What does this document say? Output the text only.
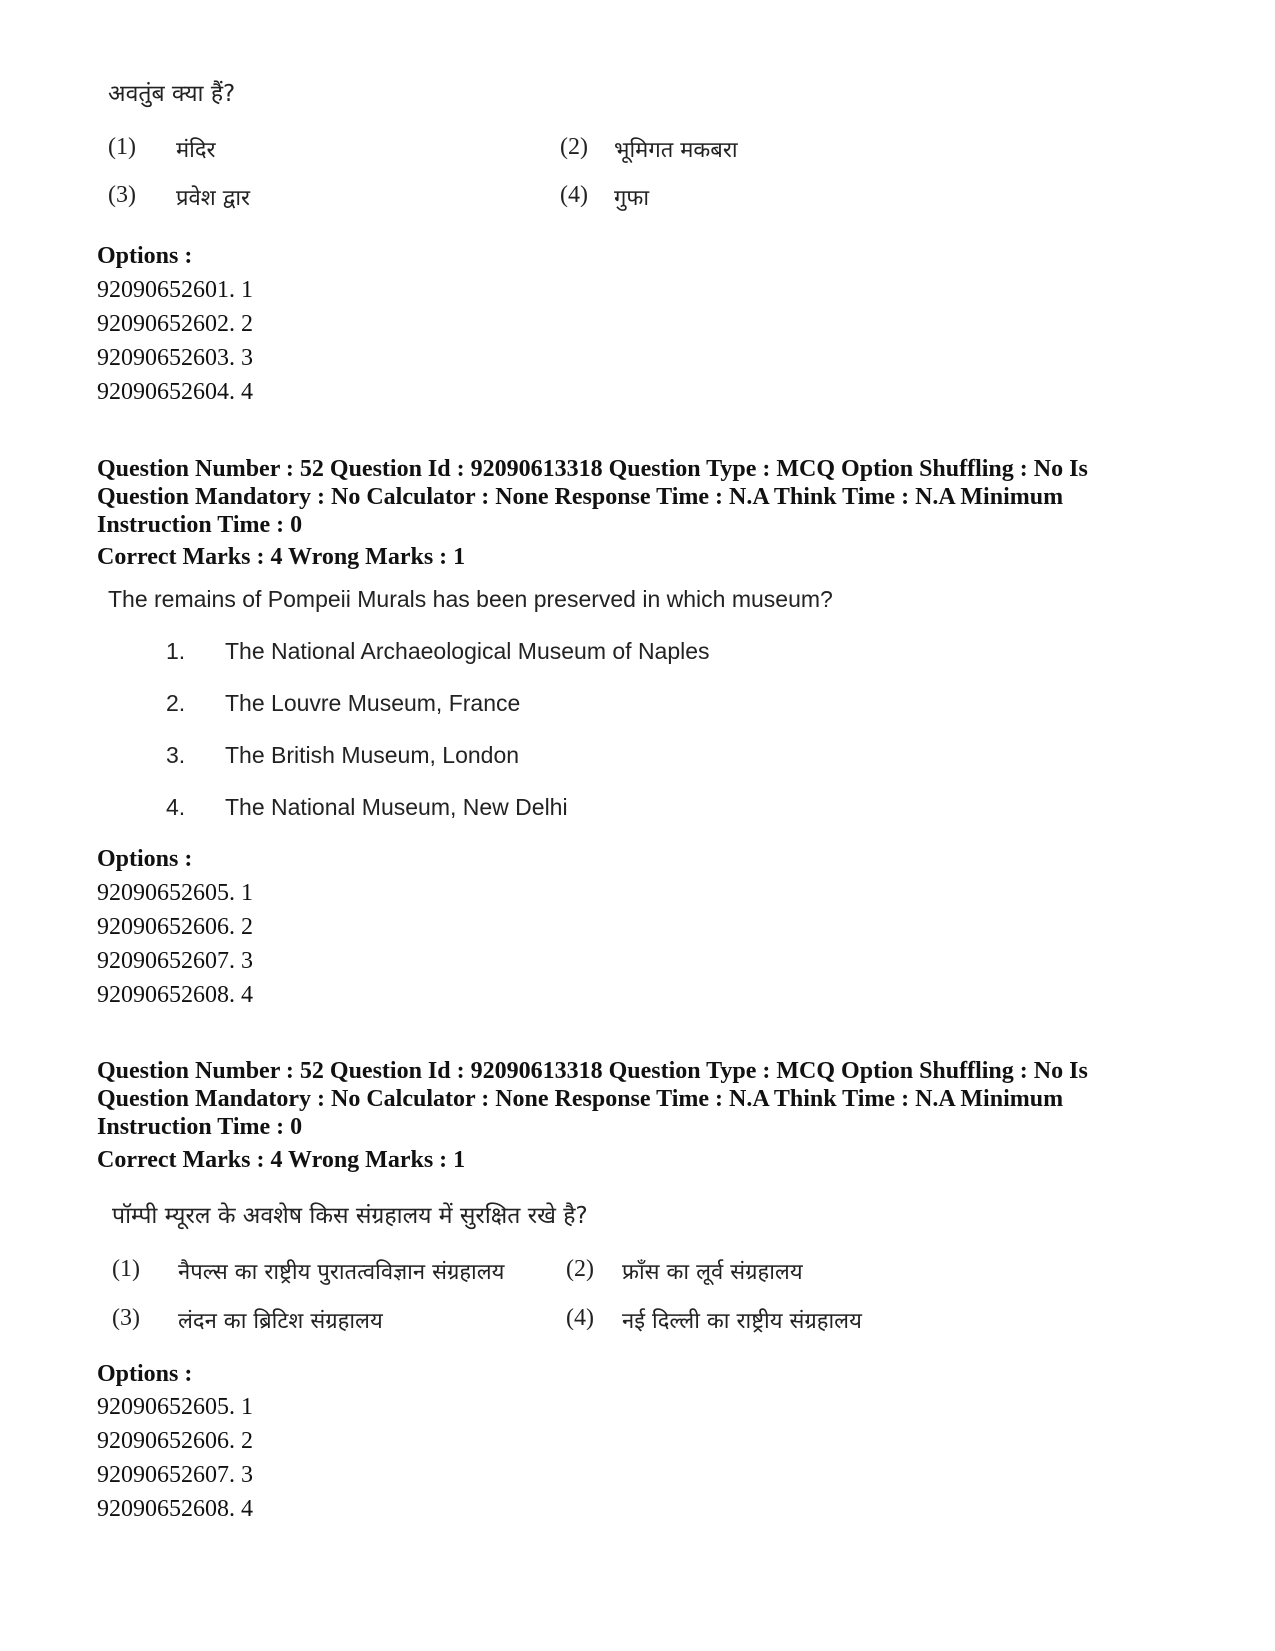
अवतुंब क्या हैं?
(1) मंदिर	(2) भूमिगत मकबरा
(3) प्रवेश द्वार	(4) गुफा
Options :
92090652601. 1
92090652602. 2
92090652603. 3
92090652604. 4
Question Number : 52 Question Id : 92090613318 Question Type : MCQ Option Shuffling : No Is
Question Mandatory : No Calculator : None Response Time : N.A Think Time : N.A Minimum
Instruction Time : 0
Correct Marks : 4 Wrong Marks : 1
The remains of Pompeii Murals has been preserved in which museum?
1. The National Archaeological Museum of Naples
2. The Louvre Museum, France
3. The British Museum, London
4. The National Museum, New Delhi
Options :
92090652605. 1
92090652606. 2
92090652607. 3
92090652608. 4
Question Number : 52 Question Id : 92090613318 Question Type : MCQ Option Shuffling : No Is
Question Mandatory : No Calculator : None Response Time : N.A Think Time : N.A Minimum
Instruction Time : 0
Correct Marks : 4 Wrong Marks : 1
पॉम्पी म्यूरल के अवशेष किस संग्रहालय में सुरक्षित रखे है?
(1) नैपल्स का राष्ट्रीय पुरातत्वविज्ञान संग्रहालय	(2) फ्राँस का लूर्व संग्रहालय
(3) लंदन का ब्रिटिश संग्रहालय	(4) नई दिल्ली का राष्ट्रीय संग्रहालय
Options :
92090652605. 1
92090652606. 2
92090652607. 3
92090652608. 4
